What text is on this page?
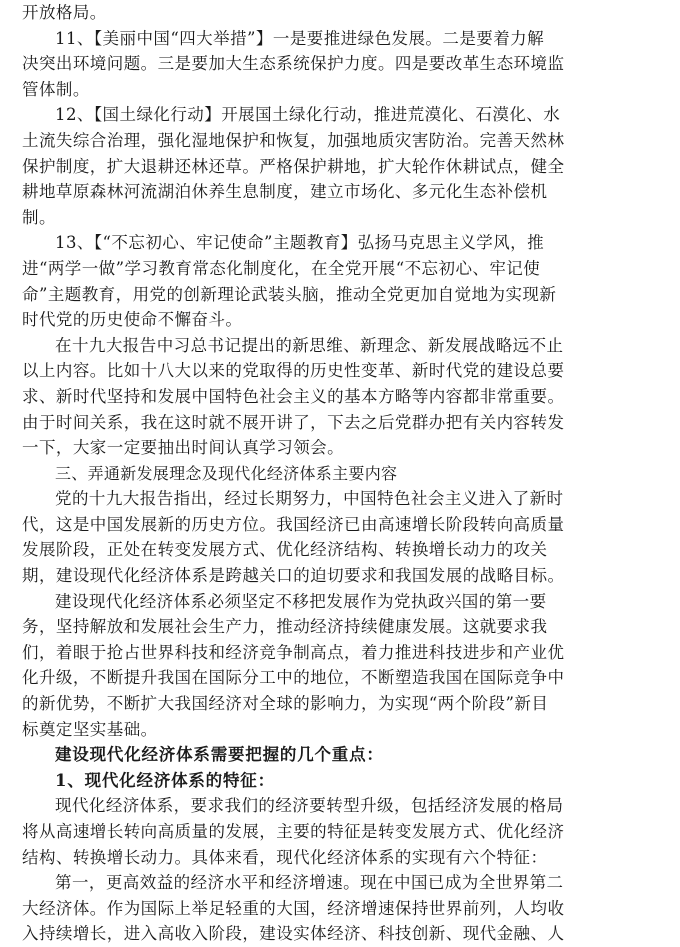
开放格局。
11、【美丽中国“四大举措”】一是要推进绿色发展。二是要着力解
决突出环境问题。三是要加大生态系统保护力度。四是要改革生态环境监
管体制。
12、【国土绿化行动】开展国土绿化行动，推进荒漠化、石漠化、水
土流失综合治理，强化湿地保护和恢复，加强地质灾害防治。完善天然林
保护制度，扩大退耕还林还草。严格保护耕地，扩大轮作休耕试点，健全
耕地草原森林河流湖泊休养生息制度，建立市场化、多元化生态补偿机
制。
13、【“不忘初心、牢记使命”主题教育】弘扬马克思主义学风，推
进“两学一做”学习教育常态化制度化，在全党开展“不忘初心、牢记使
命”主题教育，用党的创新理论武装头脑，推动全党更加自觉地为实现新
时代党的历史使命不懈奋斗。
在十九大报告中习总书记提出的新思维、新理念、新发展战略远不止
以上内容。比如十八大以来的党取得的历史性变革、新时代党的建设总要
求、新时代坚持和发展中国特色社会主义的基本方略等内容都非常重要。
由于时间关系，我在这时就不展开讲了，下去之后党群办把有关内容转发
一下，大家一定要抽出时间认真学习领会。
三、弄通新发展理念及现代化经济体系主要内容
党的十九大报告指出，经过长期努力，中国特色社会主义进入了新时
代，这是中国发展新的历史方位。我国经济已由高速增长阶段转向高质量
发展阶段，正处在转变发展方式、优化经济结构、转换增长动力的攻关
期，建设现代化经济体系是跨越关口的迫切要求和我国发展的战略目标。
建设现代化经济体系必须坚定不移把发展作为党执政兴国的第一要
务，坚持解放和发展社会生产力，推动经济持续健康发展。这就要求我
们，着眼于抢占世界科技和经济竞争制高点，着力推进科技进步和产业优
化升级，不断提升我国在国际分工中的地位，不断塑造我国在国际竞争中
的新优势，不断扩大我国经济对全球的影响力，为实现“两个阶段”新目
标奠定坚实基础。
建设现代化经济体系需要把握的几个重点：
1、现代化经济体系的特征：
现代化经济体系，要求我们的经济要转型升级，包括经济发展的格局
将从高速增长转向高质量的发展，主要的特征是转变发展方式、优化经济
结构、转换增长动力。具体来看，现代化经济体系的实现有六个特征：
第一，更高效益的经济水平和经济增速。现在中国已成为全世界第二
大经济体。作为国际上举足轻重的大国，经济增速保持世界前列，人均收
入持续增长，进入高收入阶段，建设实体经济、科技创新、现代金融、人
